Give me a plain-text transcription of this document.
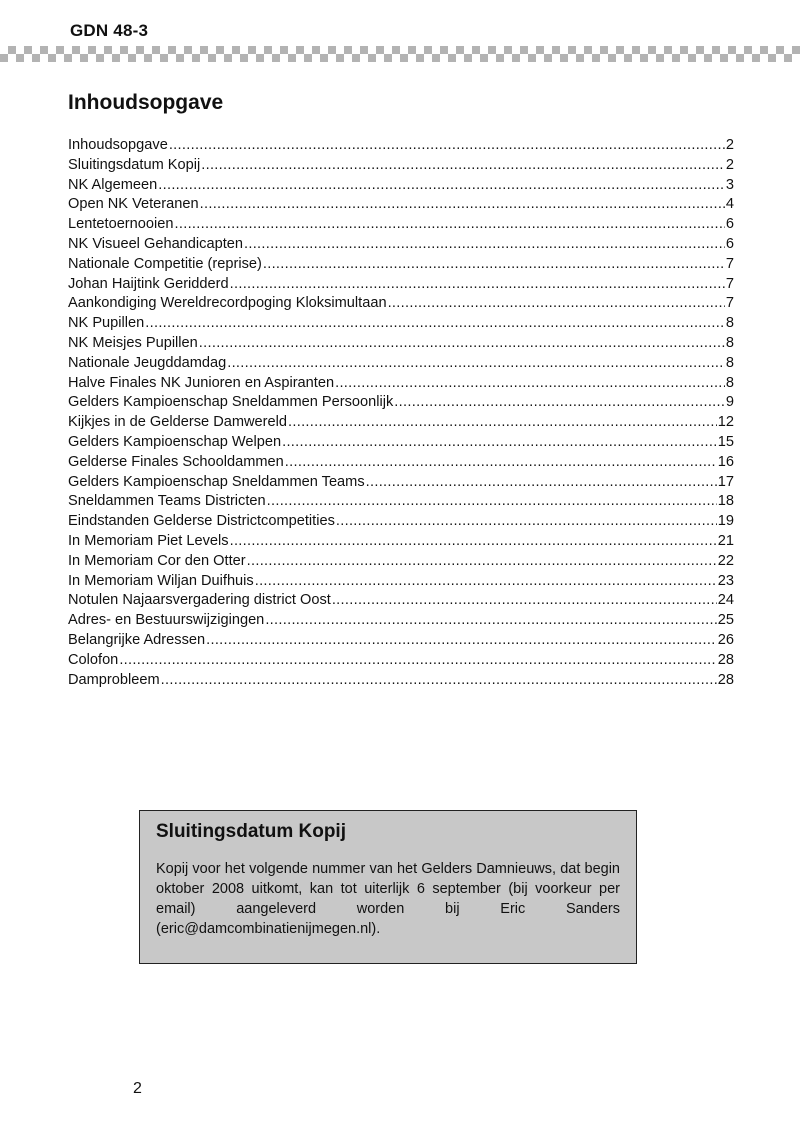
GDN 48-3
Inhoudsopgave
Inhoudsopgave .....	2
Sluitingsdatum Kopij .....	2
NK Algemeen .....	3
Open NK Veteranen .....	4
Lentetoernooien .....	6
NK Visueel Gehandicapten .....	6
Nationale Competitie (reprise) .....	7
Johan Haijtink Geridderd .....	7
Aankondiging Wereldrecordpoging Kloksimultaan .....	7
NK Pupillen .....	8
NK Meisjes Pupillen .....	8
Nationale Jeugddamdag .....	8
Halve Finales NK Junioren en Aspiranten .....	8
Gelders Kampioenschap Sneldammen Persoonlijk .....	9
Kijkjes in de Gelderse Damwereld .....	12
Gelders Kampioenschap Welpen .....	15
Gelderse Finales Schooldammen .....	16
Gelders Kampioenschap Sneldammen Teams .....	17
Sneldammen Teams Districten .....	18
Eindstanden Gelderse Districtcompetities .....	19
In Memoriam Piet Levels .....	21
In Memoriam Cor den Otter .....	22
In Memoriam Wiljan Duifhuis .....	23
Notulen Najaarsvergadering district Oost .....	24
Adres- en Bestuurswijzigingen .....	25
Belangrijke Adressen .....	26
Colofon .....	28
Damprobleem .....	28
Sluitingsdatum Kopij

Kopij voor het volgende nummer van het Gelders Damnieuws, dat begin oktober 2008 uitkomt, kan tot uiterlijk 6 september (bij voorkeur per email) aangeleverd worden bij Eric Sanders (eric@damcombinatienijmegen.nl).

2
